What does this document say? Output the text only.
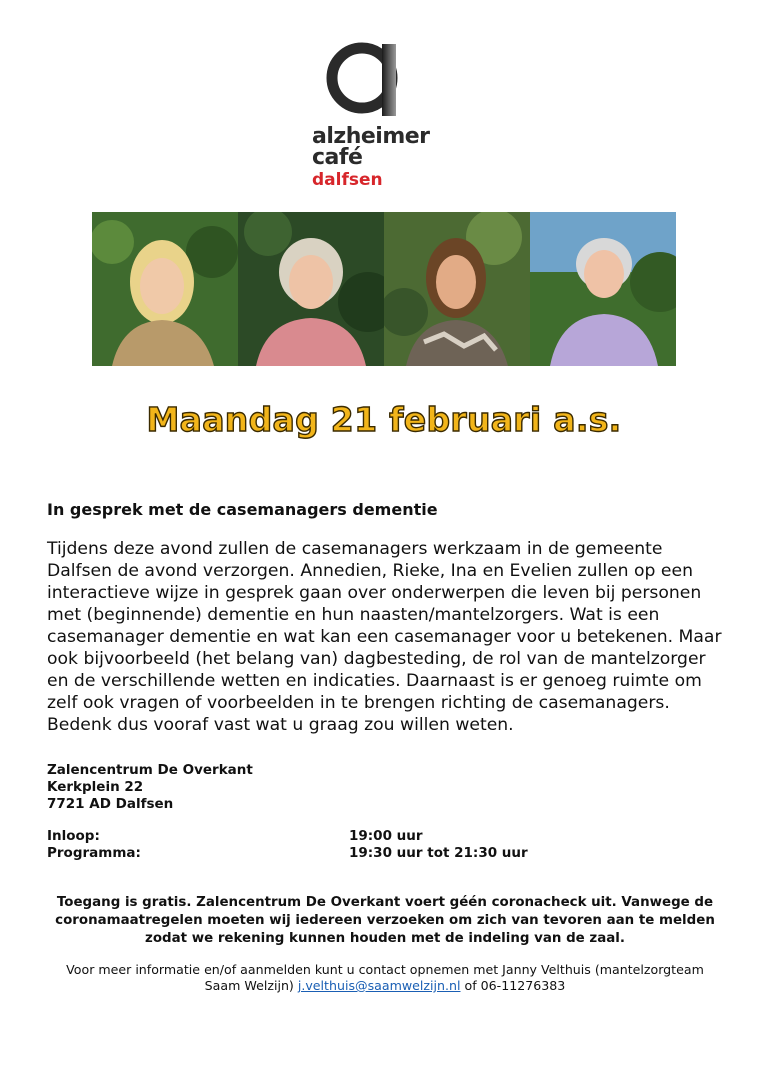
alzheimer
café
dalfsen
Maandag 21 februari a.s.
In gesprek met de casemanagers dementie
Tijdens deze avond zullen de casemanagers werkzaam in de gemeente
Dalfsen de avond verzorgen. Annedien, Rieke, Ina en Evelien zullen op een
interactieve wijze in gesprek gaan over onderwerpen die leven bij personen
met (beginnende) dementie en hun naasten/mantelzorgers. Wat is een
casemanager dementie en wat kan een casemanager voor u betekenen. Maar
ook bijvoorbeeld (het belang van) dagbesteding, de rol van de mantelzorger
en de verschillende wetten en indicaties. Daarnaast is er genoeg ruimte om
zelf ook vragen of voorbeelden in te brengen richting de casemanagers.
Bedenk dus vooraf vast wat u graag zou willen weten.
Zalencentrum De Overkant
Kerkplein 22
7721 AD Dalfsen
Inloop:	19:00 uur
Programma:	19:30 uur tot 21:30 uur
Toegang is gratis. Zalencentrum De Overkant voert géén coronacheck uit. Vanwege de
coronamaatregelen moeten wij iedereen verzoeken om zich van tevoren aan te melden
zodat we rekening kunnen houden met de indeling van de zaal.
Voor meer informatie en/of aanmelden kunt u contact opnemen met Janny Velthuis (mantelzorgteam
Saam Welzijn) j.velthuis@saamwelzijn.nl of 06-11276383
